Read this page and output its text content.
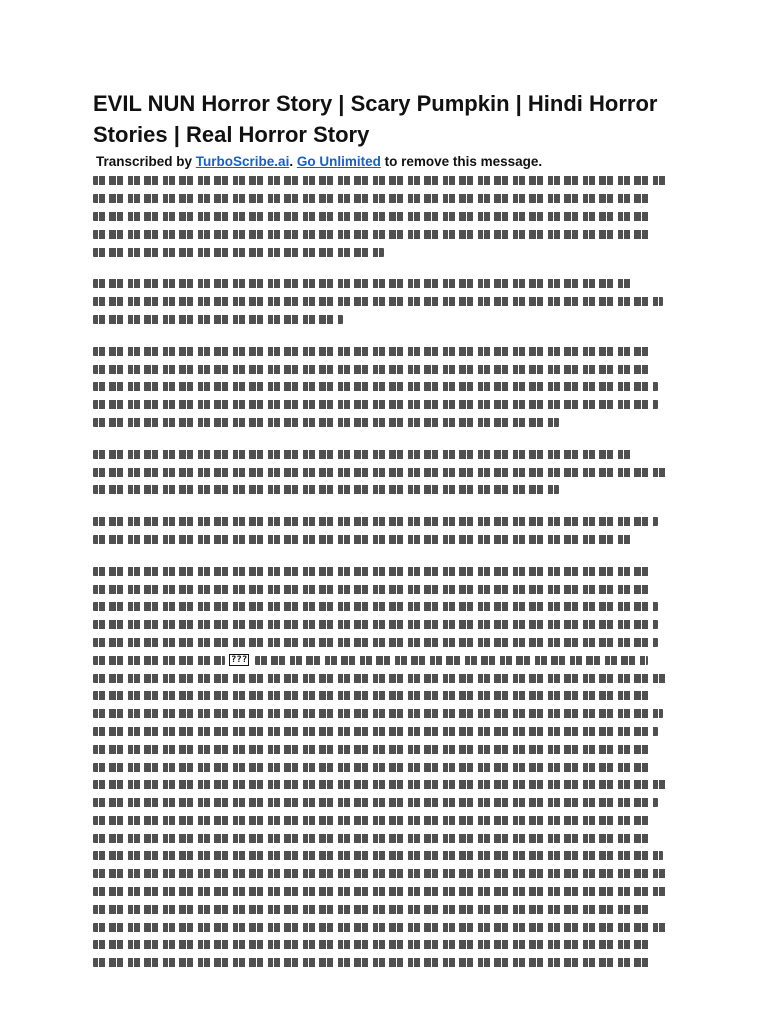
EVIL NUN Horror Story | Scary Pumpkin | Hindi Horror Stories | Real Horror Story
Transcribed by TurboScribe.ai. Go Unlimited to remove this message.
???
